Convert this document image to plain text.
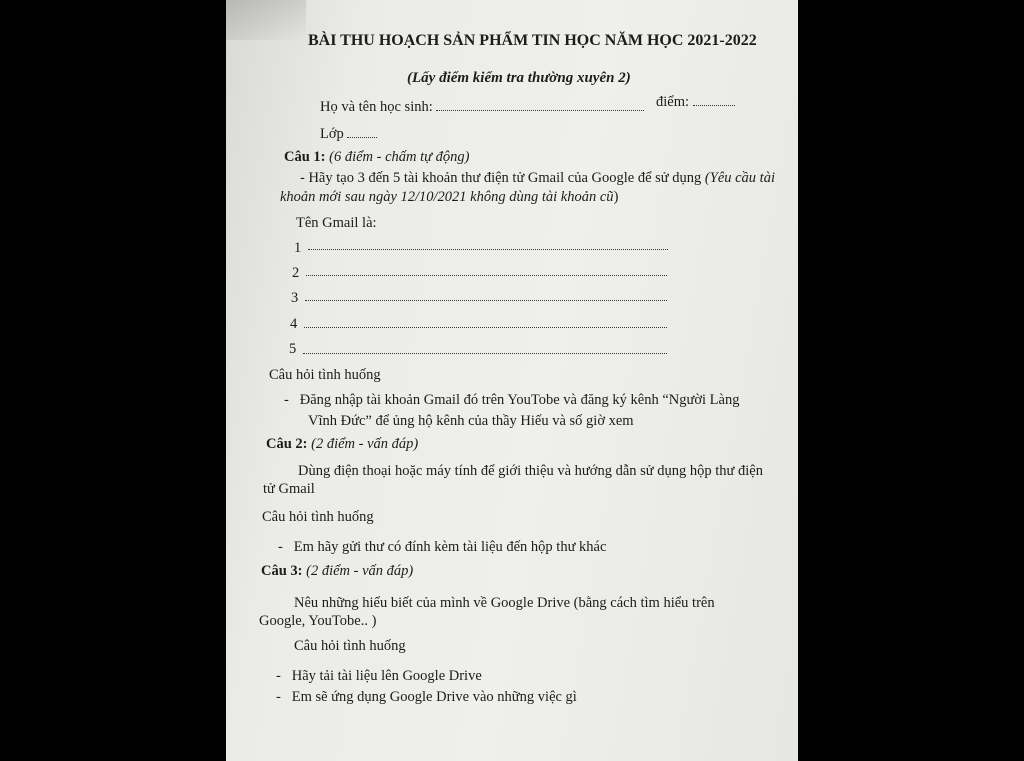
BÀI THU HOẠCH SẢN PHẨM TIN HỌC NĂM HỌC 2021-2022
(Lấy điểm kiểm tra thường xuyên 2)
Họ và tên học sinh:	điểm:
Lớp
Câu 1: (6 điểm - chấm tự động)
- Hãy tạo 3 đến 5 tài khoản thư điện tử Gmail của Google để sử dụng (Yêu cầu tài
khoản mới sau ngày 12/10/2021 không dùng tài khoản cũ)
Tên Gmail là:
1
2
3
4
5
Câu hỏi tình huống
- Đăng nhập tài khoản Gmail đó trên YouTobe và đăng ký kênh “Người Làng
Vĩnh Đức” để ủng hộ kênh của thầy Hiếu và số giờ xem
Câu 2: (2 điểm - vấn đáp)
Dùng điện thoại hoặc máy tính để giới thiệu và hướng dẫn sử dụng hộp thư điện
tử Gmail
Câu hỏi tình huống
- Em hãy gửi thư có đính kèm tài liệu đến hộp thư khác
Câu 3: (2 điểm - vấn đáp)
Nêu những hiểu biết của mình về Google Drive (bằng cách tìm hiểu trên
Google, YouTobe.. )
Câu hỏi tình huống
- Hãy tải tài liệu lên Google Drive
- Em sẽ ứng dụng Google Drive vào những việc gì
